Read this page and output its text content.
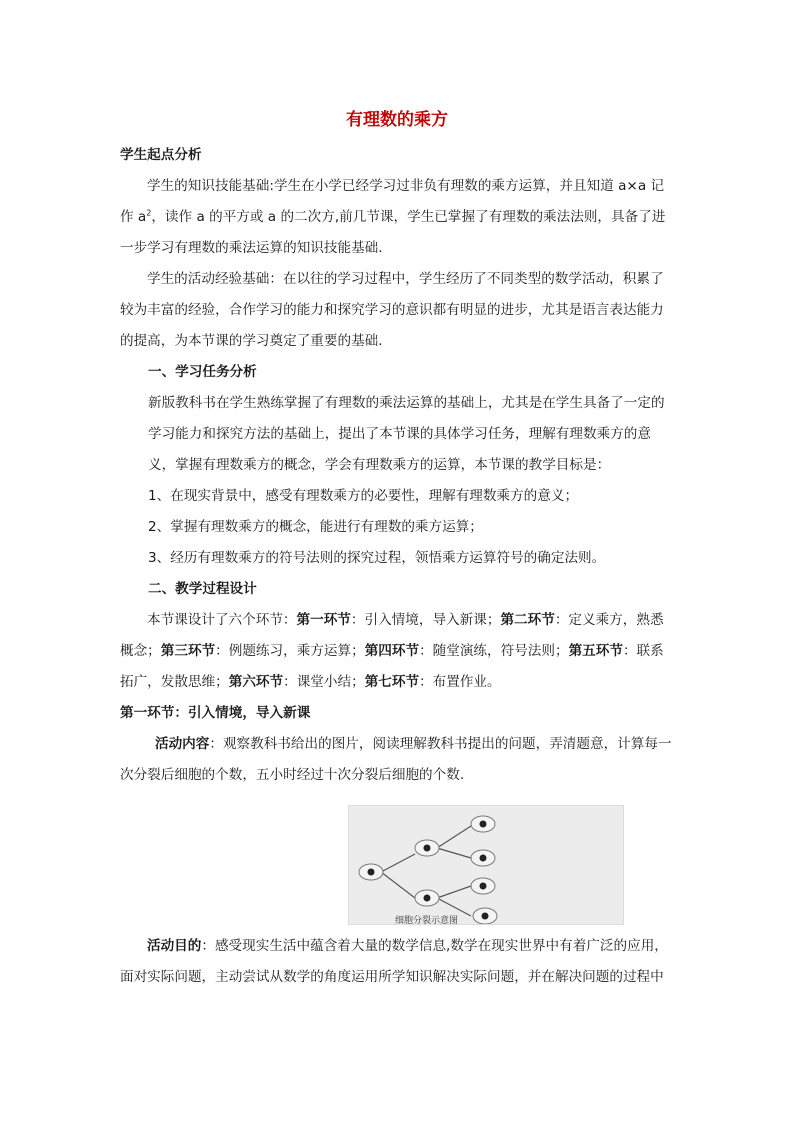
有理数的乘方

学生起点分析

学生的知识技能基础:学生在小学已经学习过非负有理数的乘方运算，并且知道 a×a 记作 $a^2$，读作 a 的平方或 a 的二次方,前几节课，学生已掌握了有理数的乘法法则，具备了进一步学习有理数的乘法运算的知识技能基础.

学生的活动经验基础：在以往的学习过程中，学生经历了不同类型的数学活动，积累了较为丰富的经验，合作学习的能力和探究学习的意识都有明显的进步，尤其是语言表达能力的提高，为本节课的学习奠定了重要的基础.

一、学习任务分析

新版教科书在学生熟练掌握了有理数的乘法运算的基础上，尤其是在学生具备了一定的学习能力和探究方法的基础上，提出了本节课的具体学习任务，理解有理数乘方的意义，掌握有理数乘方的概念，学会有理数乘方的运算，本节课的教学目标是：

1、在现实背景中，感受有理数乘方的必要性，理解有理数乘方的意义；

2、掌握有理数乘方的概念，能进行有理数的乘方运算；

3、经历有理数乘方的符号法则的探究过程，领悟乘方运算符号的确定法则。

二、教学过程设计

本节课设计了六个环节：第一环节：引入情境，导入新课；第二环节：定义乘方，熟悉概念；第三环节：例题练习，乘方运算；第四环节：随堂演练，符号法则；第五环节：联系拓广，发散思维；第六环节：课堂小结；第七环节：布置作业。

第一环节：引入情境，导入新课

活动内容：观察教科书给出的图片，阅读理解教科书提出的问题，弄清题意，计算每一次分裂后细胞的个数，五小时经过十次分裂后细胞的个数.

细胞分裂示意图

活动目的：感受现实生活中蕴含着大量的数学信息,数学在现实世界中有着广泛的应用，面对实际问题，主动尝试从数学的角度运用所学知识解决实际问题，并在解决问题的过程中
